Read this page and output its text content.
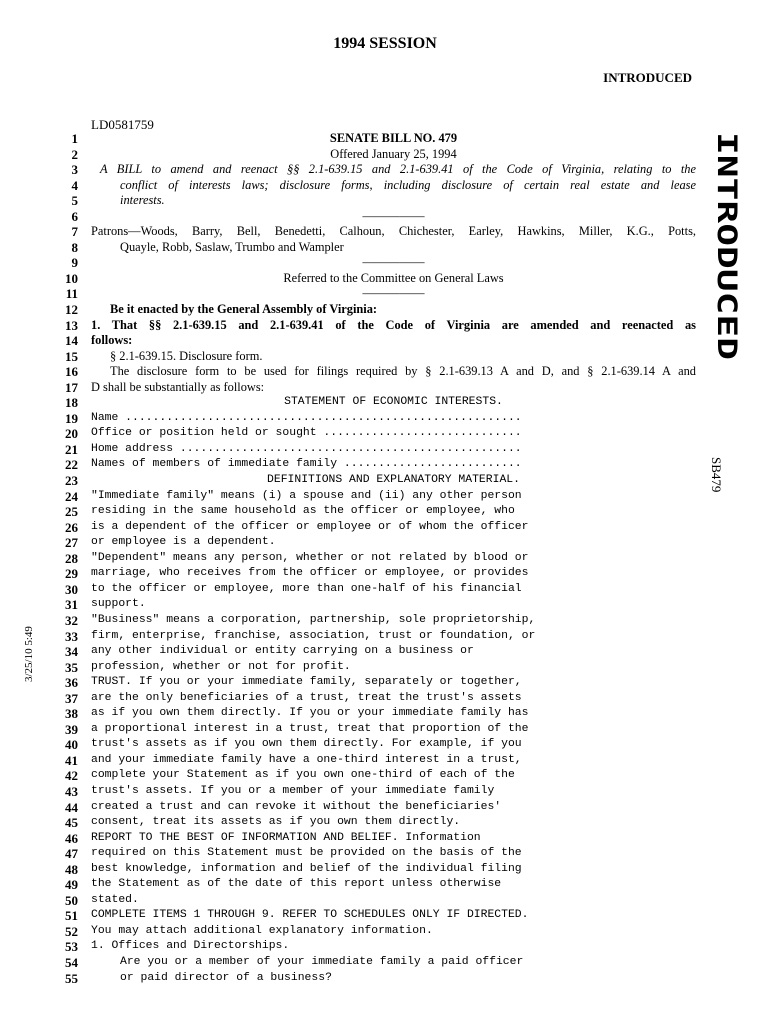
1994 SESSION
INTRODUCED
LD0581759
INTRODUCED
SB479
3/25/10 5:49
1	SENATE BILL NO. 479
2	Offered January 25, 1994
3 A BILL to amend and reenact §§ 2.1-639.15 and 2.1-639.41 of the Code of Virginia, relating to the
4	conflict of interests laws; disclosure forms, including disclosure of certain real estate and lease
5	interests.
6	—————
7 Patrons—Woods, Barry, Bell, Benedetti, Calhoun, Chichester, Earley, Hawkins, Miller, K.G., Potts,
8	Quayle, Robb, Saslaw, Trumbo and Wampler
9	—————
10	Referred to the Committee on General Laws
11	—————
12	Be it enacted by the General Assembly of Virginia:
13 1. That §§ 2.1-639.15 and 2.1-639.41 of the Code of Virginia are amended and reenacted as
14 follows:
15	§ 2.1-639.15. Disclosure form.
16	The disclosure form to be used for filings required by § 2.1-639.13 A and D, and § 2.1-639.14 A and
17 D shall be substantially as follows:
18	STATEMENT OF ECONOMIC INTERESTS.
19 Name ..........................................................
20 Office or position held or sought .............................
21 Home address ..................................................
22 Names of members of immediate family ..........................
23	DEFINITIONS AND EXPLANATORY MATERIAL.
24 "Immediate family" means (i) a spouse and (ii) any other person
25 residing in the same household as the officer or employee, who
26 is a dependent of the officer or employee or of whom the officer
27 or employee is a dependent.
28 "Dependent" means any person, whether or not related by blood or
29 marriage, who receives from the officer or employee, or provides
30 to the officer or employee, more than one-half of his financial
31 support.
32 "Business" means a corporation, partnership, sole proprietorship,
33 firm, enterprise, franchise, association, trust or foundation, or
34 any other individual or entity carrying on a business or
35 profession, whether or not for profit.
36 TRUST. If you or your immediate family, separately or together,
37 are the only beneficiaries of a trust, treat the trust's assets
38 as if you own them directly. If you or your immediate family has
39 a proportional interest in a trust, treat that proportion of the
40 trust's assets as if you own them directly. For example, if you
41 and your immediate family have a one-third interest in a trust,
42 complete your Statement as if you own one-third of each of the
43 trust's assets. If you or a member of your immediate family
44 created a trust and can revoke it without the beneficiaries'
45 consent, treat its assets as if you own them directly.
46 REPORT TO THE BEST OF INFORMATION AND BELIEF. Information
47 required on this Statement must be provided on the basis of the
48 best knowledge, information and belief of the individual filing
49 the Statement as of the date of this report unless otherwise
50 stated.
51 COMPLETE ITEMS 1 THROUGH 9. REFER TO SCHEDULES ONLY IF DIRECTED.
52 You may attach additional explanatory information.
53 1. Offices and Directorships.
54	Are you or a member of your immediate family a paid officer
55	or paid director of a business?
